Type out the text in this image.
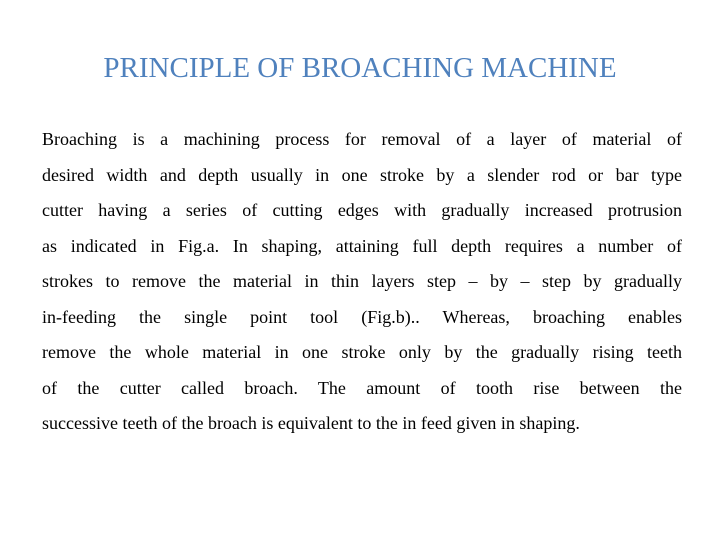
PRINCIPLE OF BROACHING MACHINE
Broaching is a machining process for removal of a layer of material of
desired width and depth usually in one stroke by a slender rod or bar type
cutter having a series of cutting edges with gradually increased protrusion
as indicated in Fig.a. In shaping, attaining full depth requires a number of
strokes to remove the material in thin layers step – by – step by gradually
in-feeding the single point tool (Fig.b).. Whereas, broaching enables
remove the whole material in one stroke only by the gradually rising teeth
of the cutter called broach. The amount of tooth rise between the
successive teeth of the broach is equivalent to the in feed given in shaping.
